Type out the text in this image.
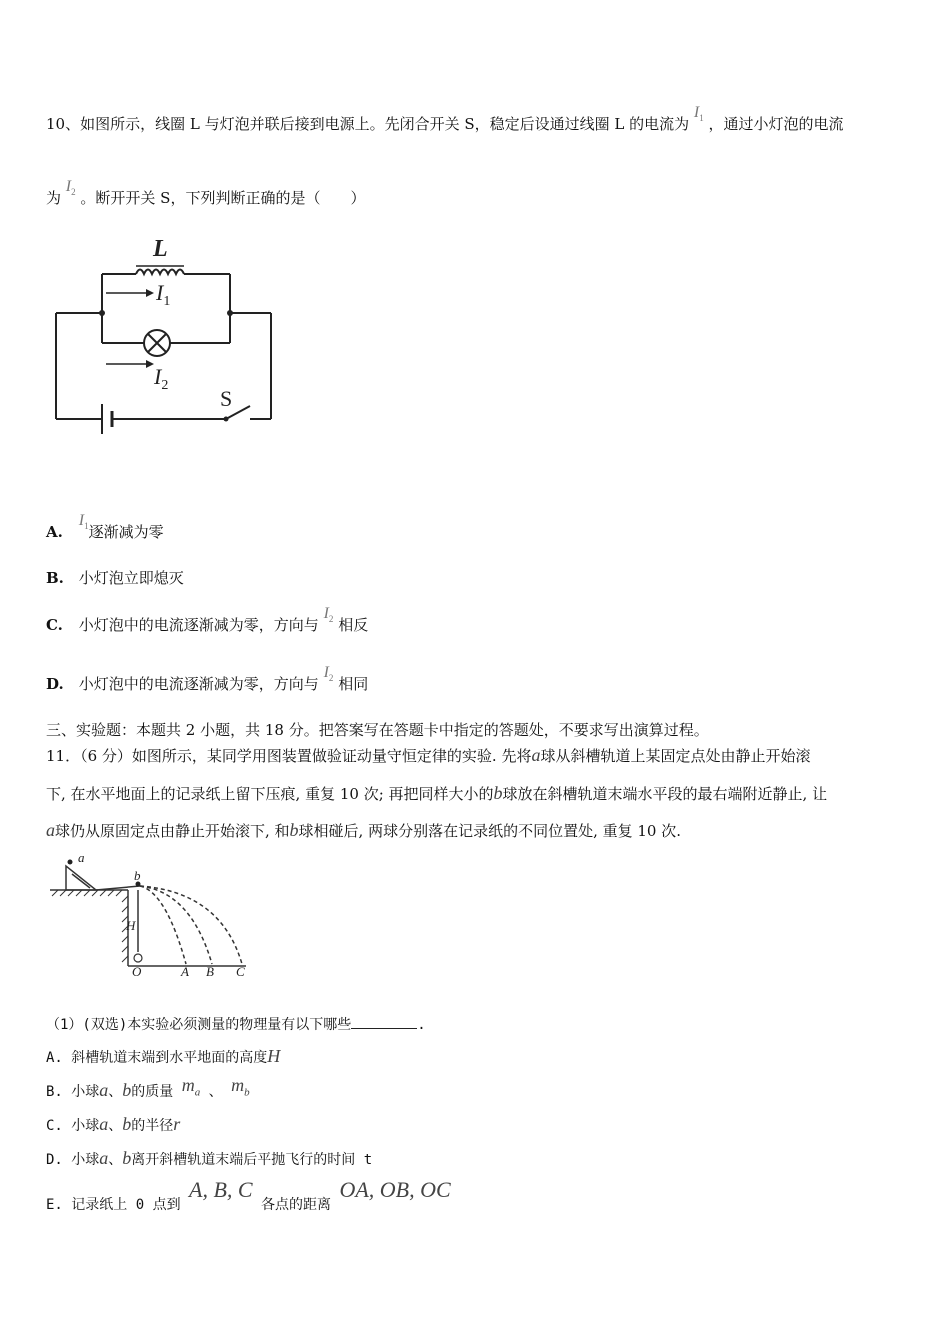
10、如图所示，线圈 L 与灯泡并联后接到电源上。先闭合开关 S，稳定后设通过线圈 L 的电流为 $I_1$ ，通过小灯泡的电流
为 $I_2$ 。断开开关 S，下列判断正确的是（　　）
L
$I_1$
$I_2$
S
A. $I_1$逐渐减为零
B. 小灯泡立即熄灭
C. 小灯泡中的电流逐渐减为零，方向与 $I_2$ 相反
D. 小灯泡中的电流逐渐减为零，方向与 $I_2$ 相同
三、实验题：本题共 2 小题，共 18 分。把答案写在答题卡中指定的答题处，不要求写出演算过程。
11．（6 分）如图所示，某同学用图装置做验证动量守恒定律的实验. 先将a球从斜槽轨道上某固定点处由静止开始滚
下, 在水平地面上的记录纸上留下压痕, 重复 10 次; 再把同样大小的b球放在斜槽轨道末端水平段的最右端附近静止, 让
a球仍从原固定点由静止开始滚下, 和b球相碰后, 两球分别落在记录纸的不同位置处, 重复 10 次.
a
b
H
O	A B C
（1）(双选)本实验必须测量的物理量有以下哪些	.
A. 斜槽轨道末端到水平地面的高度H
B. 小球a、b的质量 $m_a$ 、 $m_b$
C. 小球a、b的半径r
D. 小球a、b离开斜槽轨道末端后平抛飞行的时间 t
E. 记录纸上 0 点到 A, B, C 各点的距离 OA, OB, OC
